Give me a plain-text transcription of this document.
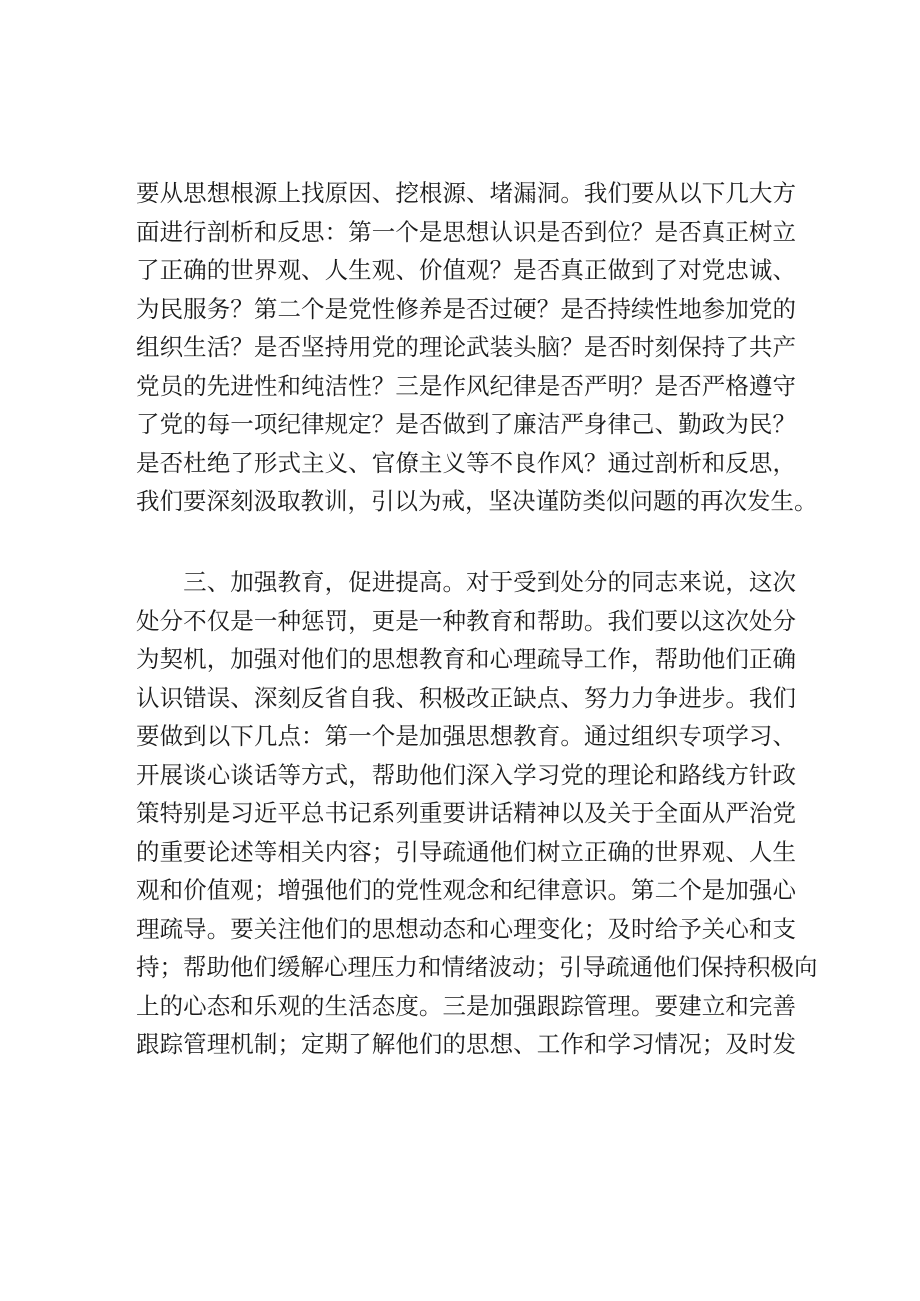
要从思想根源上找原因、挖根源、堵漏洞。我们要从以下几大方
面进行剖析和反思：第一个是思想认识是否到位？是否真正树立
了正确的世界观、人生观、价值观？是否真正做到了对党忠诚、
为民服务？第二个是党性修养是否过硬？是否持续性地参加党的
组织生活？是否坚持用党的理论武装头脑？是否时刻保持了共产
党员的先进性和纯洁性？三是作风纪律是否严明？是否严格遵守
了党的每一项纪律规定？是否做到了廉洁严身律己、勤政为民？
是否杜绝了形式主义、官僚主义等不良作风？通过剖析和反思，
我们要深刻汲取教训，引以为戒，坚决谨防类似问题的再次发生。
　　三、加强教育，促进提高。对于受到处分的同志来说，这次
处分不仅是一种惩罚，更是一种教育和帮助。我们要以这次处分
为契机，加强对他们的思想教育和心理疏导工作，帮助他们正确
认识错误、深刻反省自我、积极改正缺点、努力力争进步。我们
要做到以下几点：第一个是加强思想教育。通过组织专项学习、
开展谈心谈话等方式，帮助他们深入学习党的理论和路线方针政
策特别是习近平总书记系列重要讲话精神以及关于全面从严治党
的重要论述等相关内容；引导疏通他们树立正确的世界观、人生
观和价值观；增强他们的党性观念和纪律意识。第二个是加强心
理疏导。要关注他们的思想动态和心理变化；及时给予关心和支
持；帮助他们缓解心理压力和情绪波动；引导疏通他们保持积极向
上的心态和乐观的生活态度。三是加强跟踪管理。要建立和完善
跟踪管理机制；定期了解他们的思想、工作和学习情况；及时发
